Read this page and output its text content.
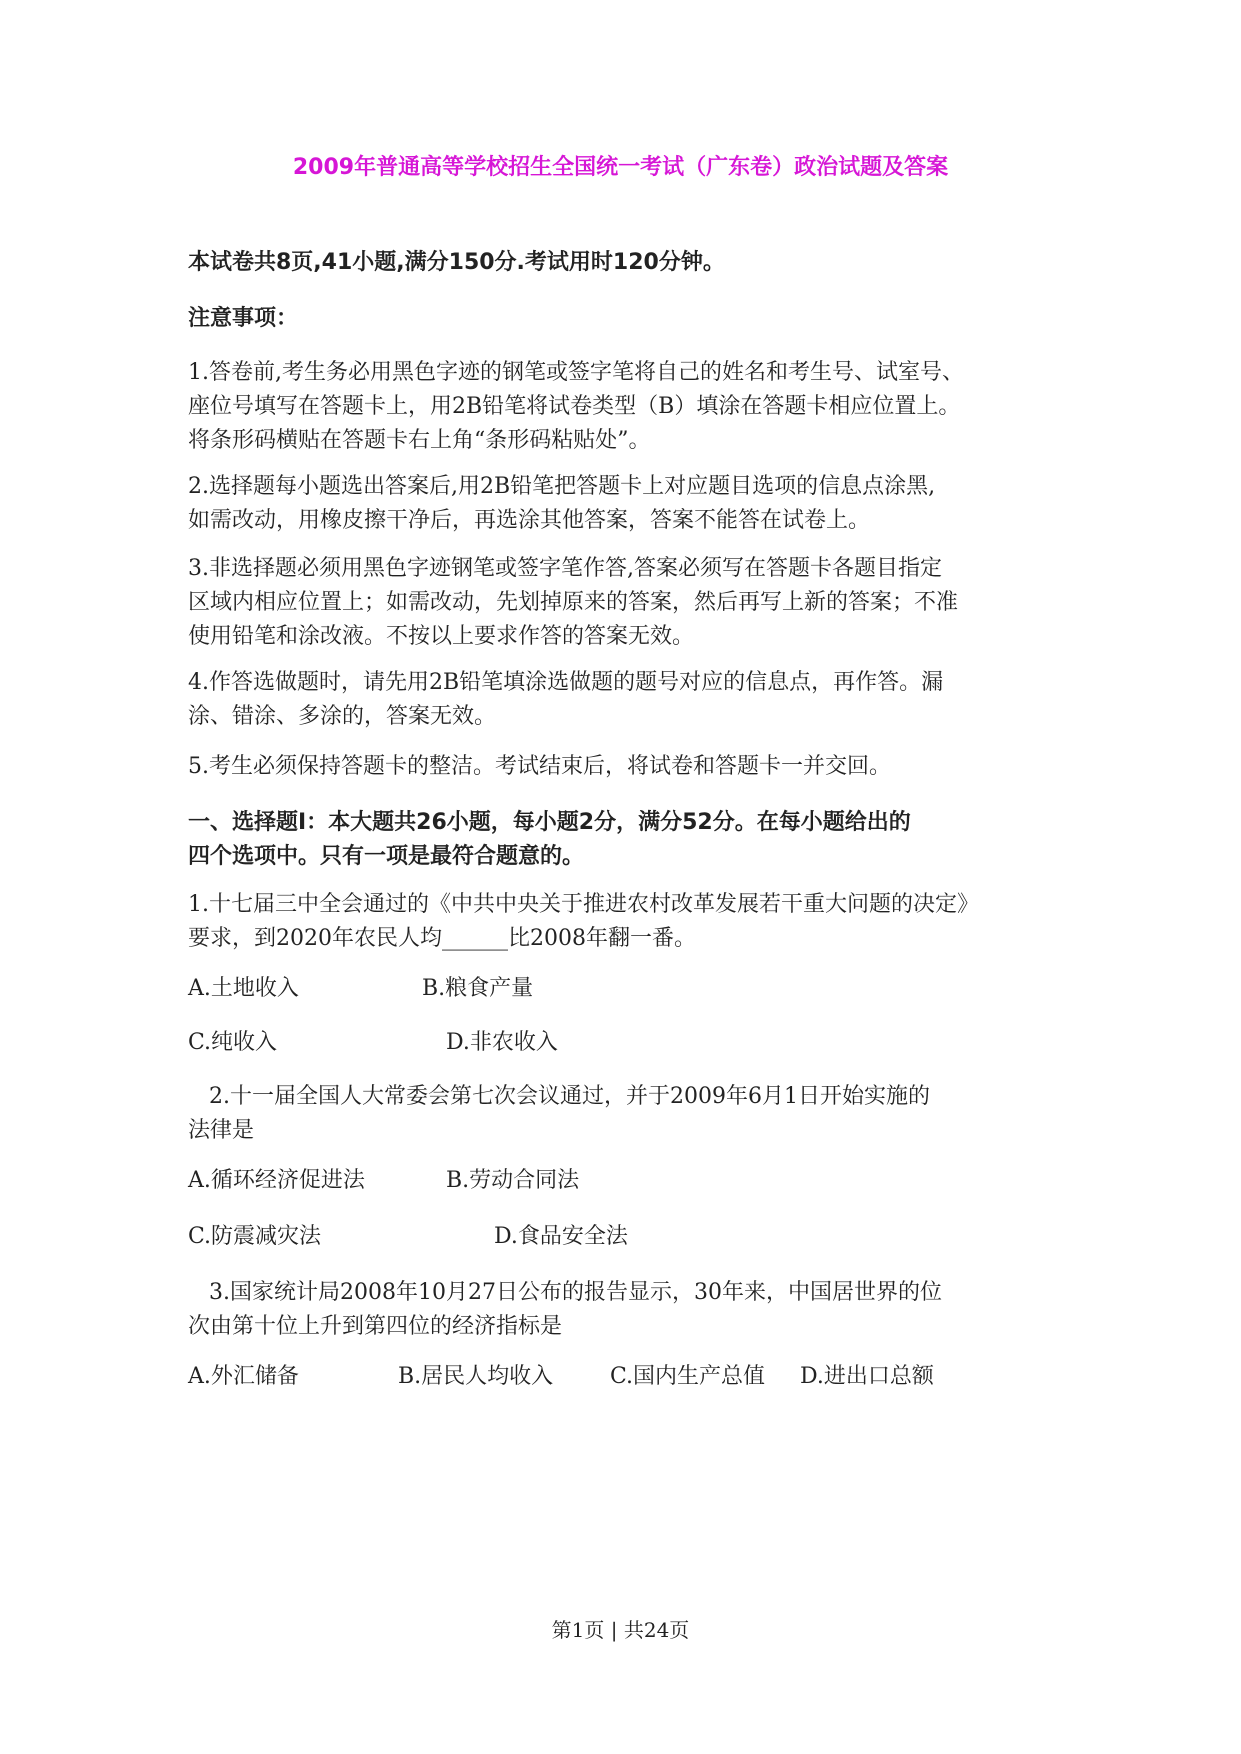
2009年普通高等学校招生全国统一考试（广东卷）政治试题及答案
本试卷共8页,41小题,满分150分.考试用时120分钟。
注意事项：
1.答卷前,考生务必用黑色字迹的钢笔或签字笔将自己的姓名和考生号、试室号、
座位号填写在答题卡上，用2B铅笔将试卷类型（B）填涂在答题卡相应位置上。
将条形码横贴在答题卡右上角“条形码粘贴处”。
2.选择题每小题选出答案后,用2B铅笔把答题卡上对应题目选项的信息点涂黑,
如需改动，用橡皮擦干净后，再选涂其他答案，答案不能答在试卷上。
3.非选择题必须用黑色字迹钢笔或签字笔作答,答案必须写在答题卡各题目指定
区域内相应位置上；如需改动，先划掉原来的答案，然后再写上新的答案；不准
使用铅笔和涂改液。不按以上要求作答的答案无效。
4.作答选做题时，请先用2B铅笔填涂选做题的题号对应的信息点，再作答。漏
涂、错涂、多涂的，答案无效。
5.考生必须保持答题卡的整洁。考试结束后，将试卷和答题卡一并交回。
一、选择题Ⅰ：本大题共26小题，每小题2分，满分52分。在每小题给出的
四个选项中。只有一项是最符合题意的。
1.十七届三中全会通过的《中共中央关于推进农村改革发展若干重大问题的决定》
要求，到2020年农民人均______比2008年翻一番。
A.土地收入	B.粮食产量
C.纯收入	D.非农收入
2.十一届全国人大常委会第七次会议通过，并于2009年6月1日开始实施的
法律是
A.循环经济促进法	B.劳动合同法
C.防震减灾法	D.食品安全法
3.国家统计局2008年10月27日公布的报告显示，30年来，中国居世界的位
次由第十位上升到第四位的经济指标是
A.外汇储备	B.居民人均收入	C.国内生产总值 D.进出口总额
第1页 | 共24页
